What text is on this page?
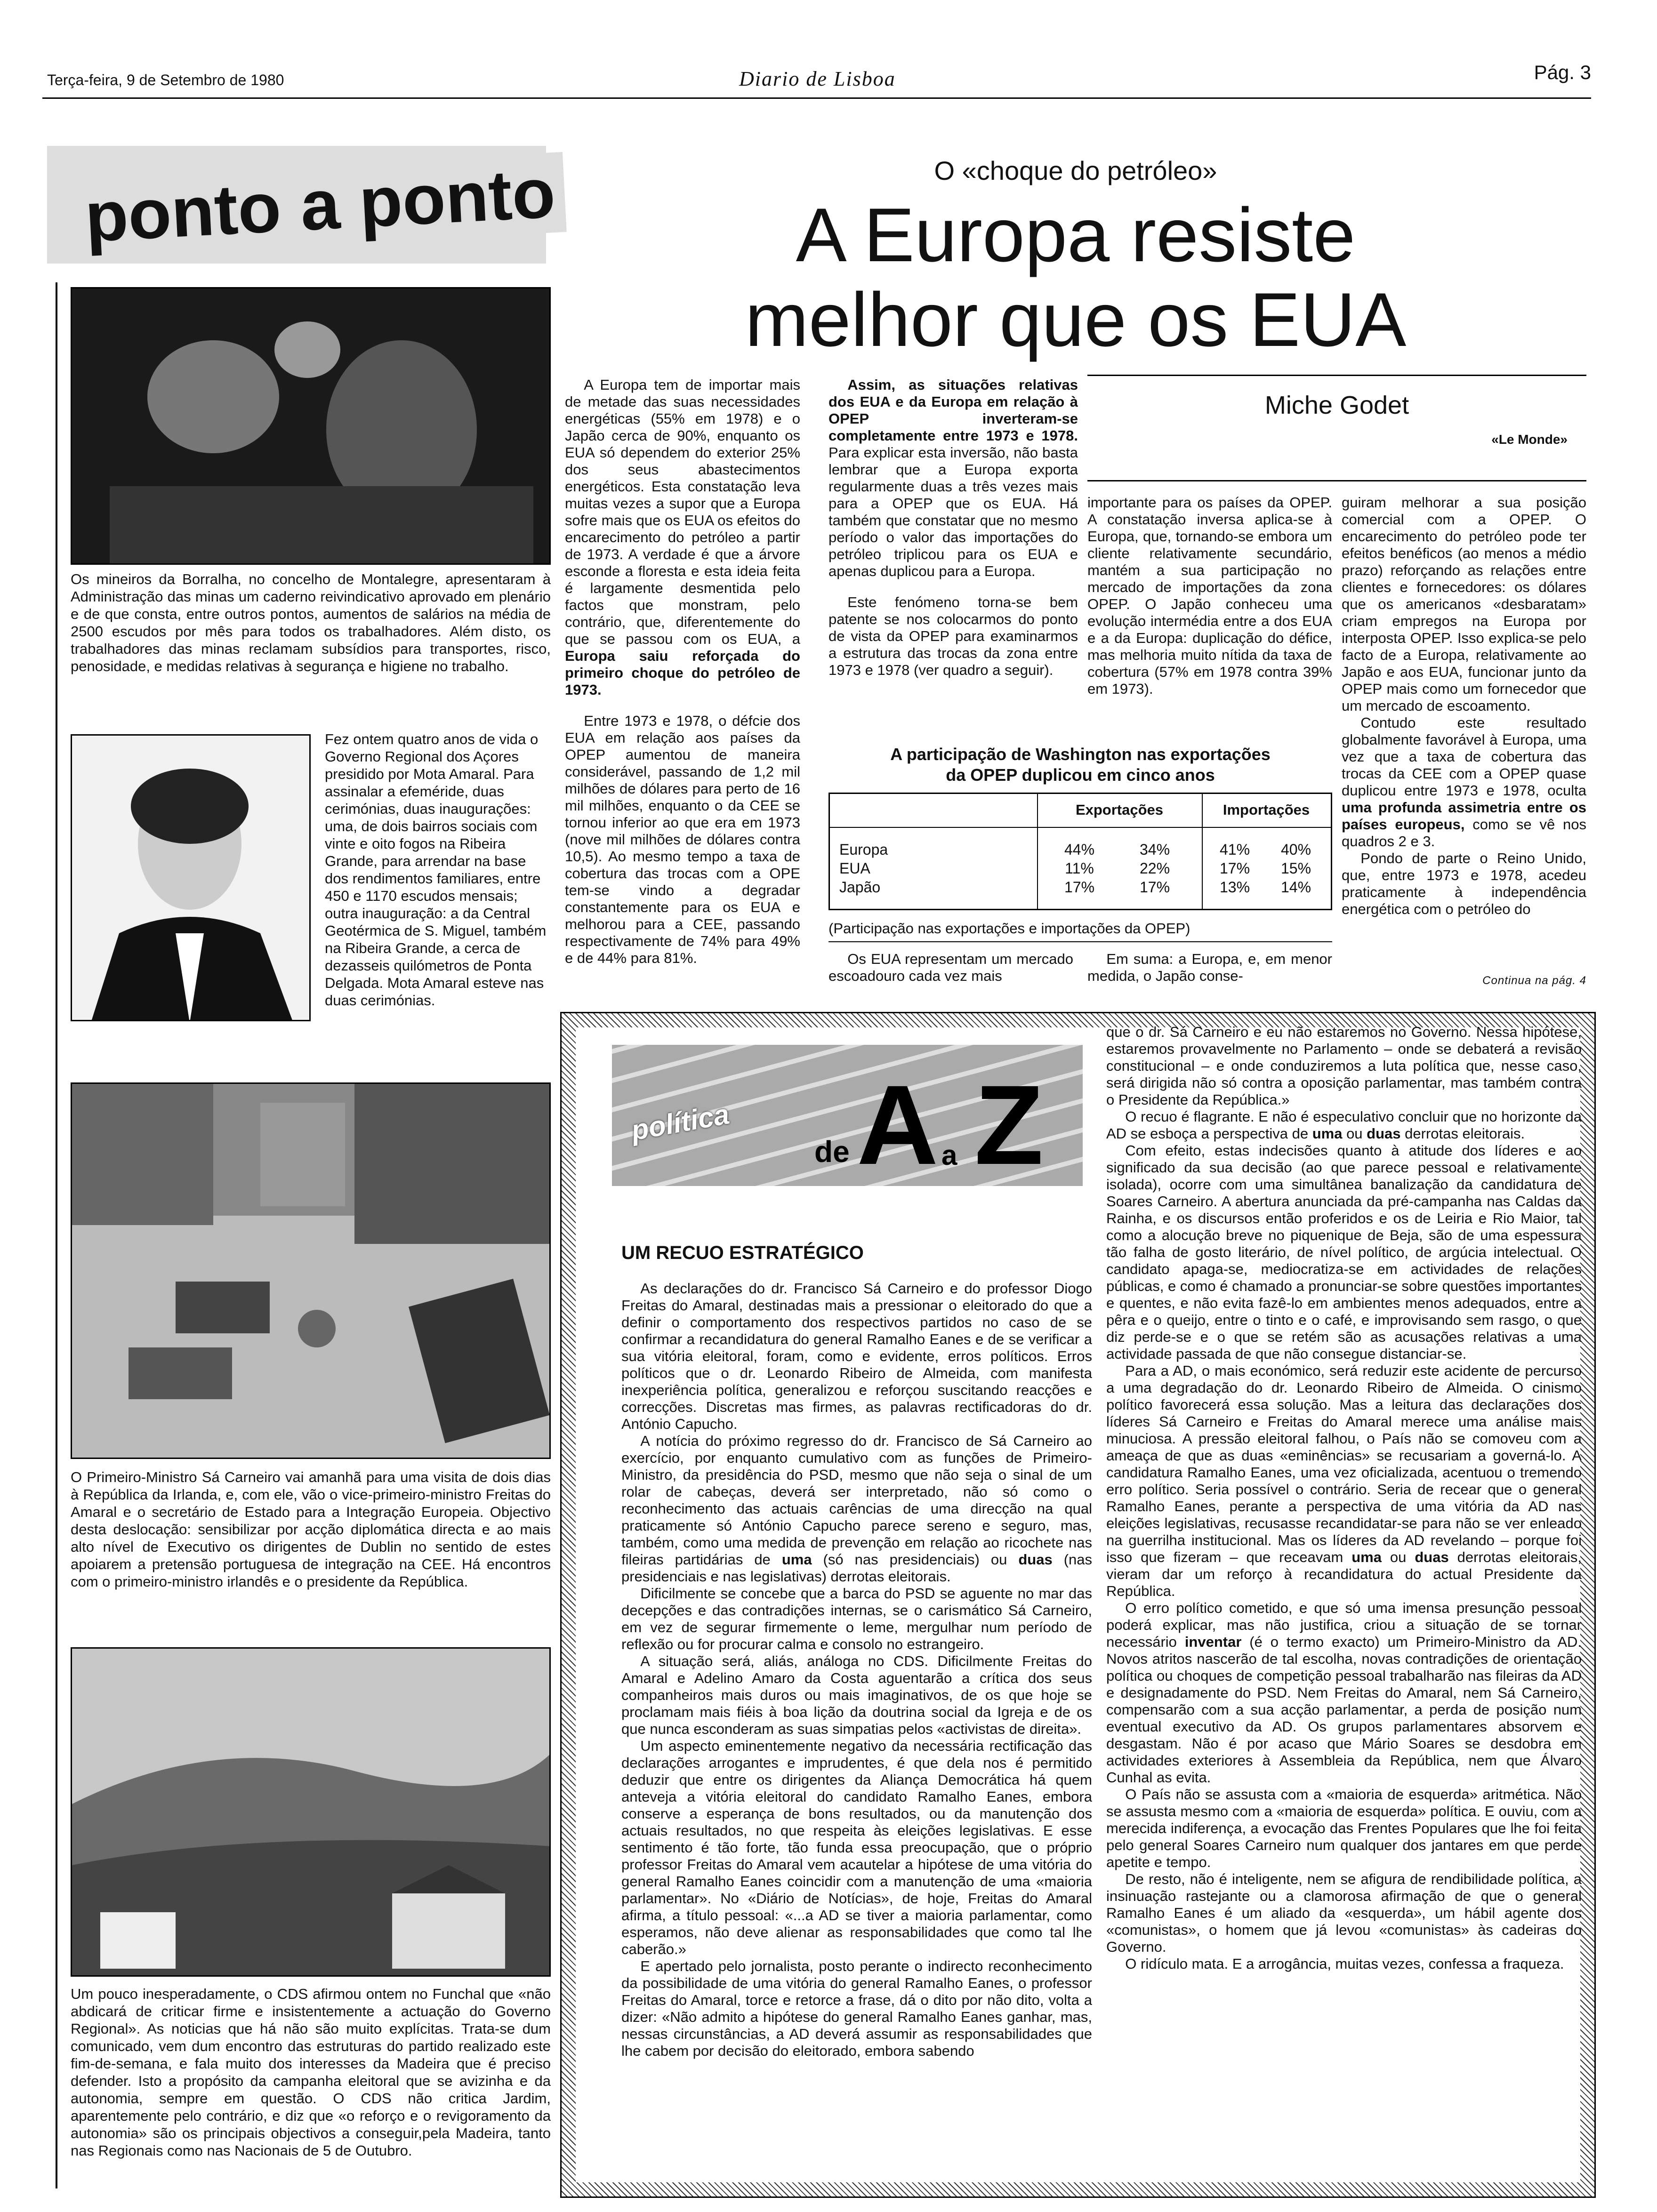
Terça-feira, 9 de Setembro de 1980	Diario de Lisboa	Pág. 3
ponto a ponto
Os mineiros da Borralha, no concelho de Montalegre, apresentaram à Administração das minas um caderno reivindicativo aprovado em plenário e de que consta, entre outros pontos, aumentos de salários na média de 2500 escudos por mês para todos os trabalhadores. Além disto, os trabalhadores das minas reclamam subsídios para transportes, risco, penosidade, e medidas relativas à segurança e higiene no trabalho.
Fez ontem quatro anos de vida o Governo Regional dos Açores presidido por Mota Amaral. Para assinalar a efeméride, duas cerimónias, duas inaugurações: uma, de dois bairros sociais com vinte e oito fogos na Ribeira Grande, para arrendar na base dos rendimentos familiares, entre 450 e 1170 escudos mensais; outra inauguração: a da Central Geotérmica de S. Miguel, também na Ribeira Grande, a cerca de dezasseis quilómetros de Ponta Delgada. Mota Amaral esteve nas duas cerimónias.
O Primeiro-Ministro Sá Carneiro vai amanhã para uma visita de dois dias à República da Irlanda, e, com ele, vão o vice-primeiro-ministro Freitas do Amaral e o secretário de Estado para a Integração Europeia. Objectivo desta deslocação: sensibilizar por acção diplomática directa e ao mais alto nível de Executivo os dirigentes de Dublin no sentido de estes apoiarem a pretensão portuguesa de integração na CEE. Há encontros com o primeiro-ministro irlandês e o presidente da República.
Um pouco inesperadamente, o CDS afirmou ontem no Funchal que «não abdicará de criticar firme e insistentemente a actuação do Governo Regional». As noticias que há não são muito explícitas. Trata-se dum comunicado, vem dum encontro das estruturas do partido realizado este fim-de-semana, e fala muito dos interesses da Madeira que é preciso defender. Isto a propósito da campanha eleitoral que se avizinha e da autonomia, sempre em questão. O CDS não critica Jardim, aparentemente pelo contrário, e diz que «o reforço e o revigoramento da autonomia» são os principais objectivos a conseguir,pela Madeira, tanto nas Regionais como nas Nacionais de 5 de Outubro.
O «choque do petróleo»
A Europa resiste
melhor que os EUA
Miche Godet
«Le Monde»
A Europa tem de importar mais de metade das suas necessidades energéticas (55% em 1978) e o Japão cerca de 90%, enquanto os EUA só dependem do exterior 25% dos seus abastecimentos energéticos. Esta constatação leva muitas vezes a supor que a Europa sofre mais que os EUA os efeitos do encarecimento do petróleo a partir de 1973. A verdade é que a árvore esconde a floresta e esta ideia feita é largamente desmentida pelo factos que monstram, pelo contrário, que, diferentemente do que se passou com os EUA, a Europa saiu reforçada do primeiro choque do petróleo de 1973.
Entre 1973 e 1978, o défcie dos EUA em relação aos países da OPEP aumentou de maneira considerável, passando de 1,2 mil milhões de dólares para perto de 16 mil milhões, enquanto o da CEE se tornou inferior ao que era em 1973 (nove mil milhões de dólares contra 10,5). Ao mesmo tempo a taxa de cobertura das trocas com a OPE tem-se vindo a degradar constantemente para os EUA e melhorou para a CEE, passando respectivamente de 74% para 49% e de 44% para 81%.
Assim, as situações relativas dos EUA e da Europa em relação à OPEP inverteram-se completamente entre 1973 e 1978. Para explicar esta inversão, não basta lembrar que a Europa exporta regularmente duas a três vezes mais para a OPEP que os EUA. Há também que constatar que no mesmo período o valor das importações do petróleo triplicou para os EUA e apenas duplicou para a Europa.
Este fenómeno torna-se bem patente se nos colocarmos do ponto de vista da OPEP para examinarmos a estrutura das trocas da zona entre 1973 e 1978 (ver quadro a seguir).
importante para os países da OPEP. A constatação inversa aplica-se à Europa, que, tornando-se embora um cliente relativamente secundário, mantém a sua participação no mercado de importações da zona OPEP. O Japão conheceu uma evolução intermédia entre a dos EUA e a da Europa: duplicação do défice, mas melhoria muito nítida da taxa de cobertura (57% em 1978 contra 39% em 1973).
guiram melhorar a sua posição comercial com a OPEP. O encarecimento do petróleo pode ter efeitos benéficos (ao menos a médio prazo) reforçando as relações entre clientes e fornecedores: os dólares que os americanos «desbaratam» criam empregos na Europa por interposta OPEP. Isso explica-se pelo facto de a Europa, relativamente ao Japão e aos EUA, funcionar junto da OPEP mais como um fornecedor que um mercado de escoamento.
Contudo este resultado globalmente favorável à Europa, uma vez que a taxa de cobertura das trocas da CEE com a OPEP quase duplicou entre 1973 e 1978, oculta uma profunda assimetria entre os países europeus, como se vê nos quadros 2 e 3.
Pondo de parte o Reino Unido, que, entre 1973 e 1978, acedeu praticamente à independência energética com o petróleo do
Continua na pág. 4
A participação de Washington nas exportações
da OPEP duplicou em cinco anos
Exportações	Importações
Europa	44%	34%	41%	40%
EUA	11%	22%	17%	15%
Japão	17%	17%	13%	14%
(Participação nas exportações e importações da OPEP)
Os EUA representam um mercado escoadouro cada vez mais
Em suma: a Europa, e, em menor medida, o Japão conse-
política
de A a Z
UM RECUO ESTRATÉGICO
As declarações do dr. Francisco Sá Carneiro e do professor Diogo Freitas do Amaral, destinadas mais a pressionar o eleitorado do que a definir o comportamento dos respectivos partidos no caso de se confirmar a recandidatura do general Ramalho Eanes e de se verificar a sua vitória eleitoral, foram, como e evidente, erros políticos. Erros políticos que o dr. Leonardo Ribeiro de Almeida, com manifesta inexperiência política, generalizou e reforçou suscitando reacções e correcções. Discretas mas firmes, as palavras rectificadoras do dr. António Capucho.
A notícia do próximo regresso do dr. Francisco de Sá Carneiro ao exercício, por enquanto cumulativo com as funções de Primeiro-Ministro, da presidência do PSD, mesmo que não seja o sinal de um rolar de cabeças, deverá ser interpretado, não só como o reconhecimento das actuais carências de uma direcção na qual praticamente só António Capucho parece sereno e seguro, mas, também, como uma medida de prevenção em relação ao ricochete nas fileiras partidárias de uma (só nas presidenciais) ou duas (nas presidenciais e nas legislativas) derrotas eleitorais.
Dificilmente se concebe que a barca do PSD se aguente no mar das decepções e das contradições internas, se o carismático Sá Carneiro, em vez de segurar firmemente o leme, mergulhar num período de reflexão ou for procurar calma e consolo no estrangeiro.
A situação será, aliás, análoga no CDS. Dificilmente Freitas do Amaral e Adelino Amaro da Costa aguentarão a crítica dos seus companheiros mais duros ou mais imaginativos, de os que hoje se proclamam mais fiéis à boa lição da doutrina social da Igreja e de os que nunca esconderam as suas simpatias pelos «activistas de direita».
Um aspecto eminentemente negativo da necessária rectificação das declarações arrogantes e imprudentes, é que dela nos é permitido deduzir que entre os dirigentes da Aliança Democrática há quem anteveja a vitória eleitoral do candidato Ramalho Eanes, embora conserve a esperança de bons resultados, ou da manutenção dos actuais resultados, no que respeita às eleições legislativas. E esse sentimento é tão forte, tão funda essa preocupação, que o próprio professor Freitas do Amaral vem acautelar a hipótese de uma vitória do general Ramalho Eanes coincidir com a manutenção de uma «maioria parlamentar». No «Diário de Notícias», de hoje, Freitas do Amaral afirma, a título pessoal: «...a AD se tiver a maioria parlamentar, como esperamos, não deve alienar as responsabilidades que como tal lhe caberão.»
E apertado pelo jornalista, posto perante o indirecto reconhecimento da possibilidade de uma vitória do general Ramalho Eanes, o professor Freitas do Amaral, torce e retorce a frase, dá o dito por não dito, volta a dizer: «Não admito a hipótese do general Ramalho Eanes ganhar, mas, nessas circunstâncias, a AD deverá assumir as responsabilidades que lhe cabem por decisão do eleitorado, embora sabendo
que o dr. Sá Carneiro e eu não estaremos no Governo. Nessa hipótese, estaremos provavelmente no Parlamento – onde se debaterá a revisão constitucional – e onde conduziremos a luta política que, nesse caso, será dirigida não só contra a oposição parlamentar, mas também contra o Presidente da República.»
O recuo é flagrante. E não é especulativo concluir que no horizonte da AD se esboça a perspectiva de uma ou duas derrotas eleitorais.
Com efeito, estas indecisões quanto à atitude dos líderes e ao significado da sua decisão (ao que parece pessoal e relativamente isolada), ocorre com uma simultânea banalização da candidatura de Soares Carneiro. A abertura anunciada da pré-campanha nas Caldas da Rainha, e os discursos então proferidos e os de Leiria e Rio Maior, tal como a alocução breve no piquenique de Beja, são de uma espessura tão falha de gosto literário, de nível político, de argúcia intelectual. O candidato apaga-se, mediocratiza-se em actividades de relações públicas, e como é chamado a pronunciar-se sobre questões importantes e quentes, e não evita fazê-lo em ambientes menos adequados, entre a pêra e o queijo, entre o tinto e o café, e improvisando sem rasgo, o que diz perde-se e o que se retém são as acusações relativas a uma actividade passada de que não consegue distanciar-se.
Para a AD, o mais económico, será reduzir este acidente de percurso a uma degradação do dr. Leonardo Ribeiro de Almeida. O cinismo político favorecerá essa solução. Mas a leitura das declarações dos líderes Sá Carneiro e Freitas do Amaral merece uma análise mais minuciosa. A pressão eleitoral falhou, o País não se comoveu com a ameaça de que as duas «eminências» se recusariam a governá-lo. A candidatura Ramalho Eanes, uma vez oficializada, acentuou o tremendo erro político. Seria possível o contrário. Seria de recear que o general Ramalho Eanes, perante a perspectiva de uma vitória da AD nas eleições legislativas, recusasse recandidatar-se para não se ver enleado na guerrilha institucional. Mas os líderes da AD revelando – porque foi isso que fizeram – que receavam uma ou duas derrotas eleitorais, vieram dar um reforço à recandidatura do actual Presidente da República.
O erro político cometido, e que só uma imensa presunção pessoal poderá explicar, mas não justifica, criou a situação de se tornar necessário inventar (é o termo exacto) um Primeiro-Ministro da AD. Novos atritos nascerão de tal escolha, novas contradições de orientação política ou choques de competição pessoal trabalharão nas fileiras da AD e designadamente do PSD. Nem Freitas do Amaral, nem Sá Carneiro, compensarão com a sua acção parlamentar, a perda de posição num eventual executivo da AD. Os grupos parlamentares absorvem e desgastam. Não é por acaso que Mário Soares se desdobra em actividades exteriores à Assembleia da República, nem que Álvaro Cunhal as evita.
O País não se assusta com a «maioria de esquerda» aritmética. Não se assusta mesmo com a «maioria de esquerda» política. E ouviu, com a merecida indiferença, a evocação das Frentes Populares que lhe foi feita pelo general Soares Carneiro num qualquer dos jantares em que perde apetite e tempo.
De resto, não é inteligente, nem se afigura de rendibilidade política, a insinuação rastejante ou a clamorosa afirmação de que o general Ramalho Eanes é um aliado da «esquerda», um hábil agente dos «comunistas», o homem que já levou «comunistas» às cadeiras do Governo.
O ridículo mata. E a arrogância, muitas vezes, confessa a fraqueza.
